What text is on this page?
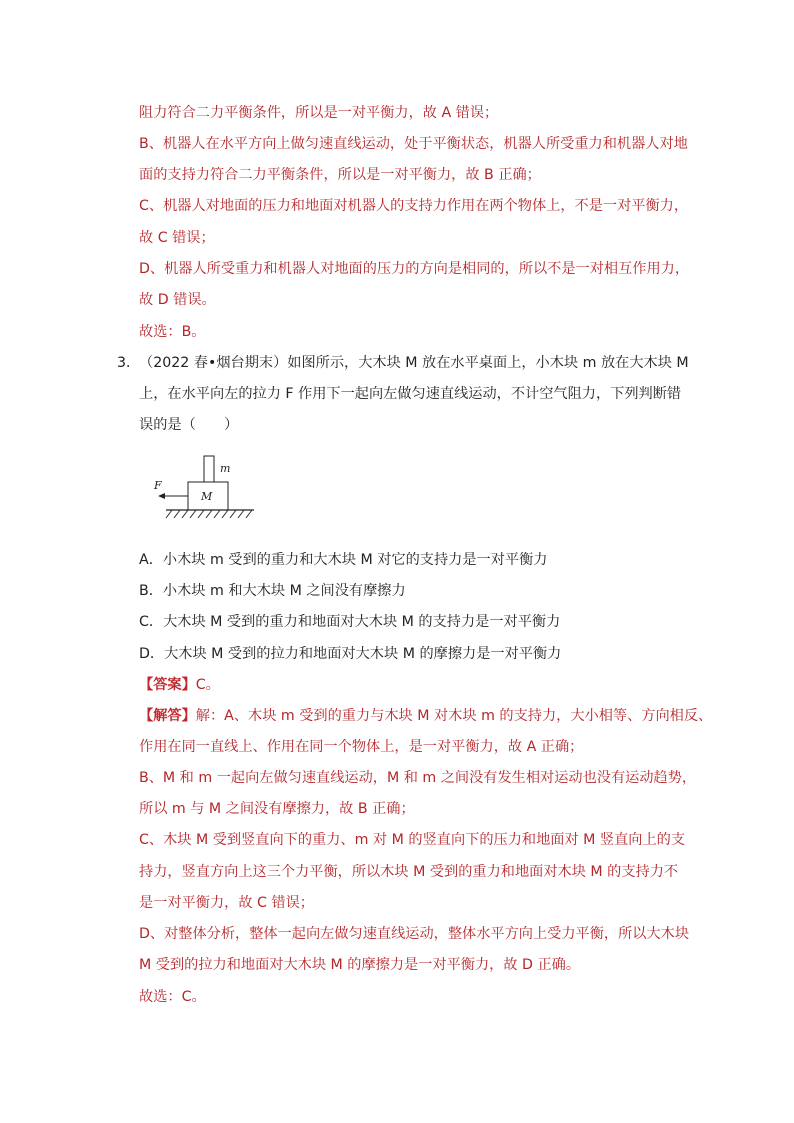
阻力符合二力平衡条件，所以是一对平衡力，故 A 错误；

B、机器人在水平方向上做匀速直线运动，处于平衡状态，机器人所受重力和机器人对地

面的支持力符合二力平衡条件，所以是一对平衡力，故 B 正确；

C、机器人对地面的压力和地面对机器人的支持力作用在两个物体上，不是一对平衡力，

故 C 错误；

D、机器人所受重力和机器人对地面的压力的方向是相同的，所以不是一对相互作用力，

故 D 错误。

故选：B。

3．

（2022 春•烟台期末）如图所示，大木块 M 放在水平桌面上，小木块 m 放在大木块 M

上，在水平向左的拉力 F 作用下一起向左做匀速直线运动，不计空气阻力，下列判断错

误的是（　　）

m
M
F

A．小木块 m 受到的重力和大木块 M 对它的支持力是一对平衡力

B．小木块 m 和大木块 M 之间没有摩擦力

C．大木块 M 受到的重力和地面对大木块 M 的支持力是一对平衡力

D．大木块 M 受到的拉力和地面对大木块 M 的摩擦力是一对平衡力

【答案】C。

【解答】解：A、木块 m 受到的重力与木块 M 对木块 m 的支持力，大小相等、方向相反、

作用在同一直线上、作用在同一个物体上，是一对平衡力，故 A 正确；

B、M 和 m 一起向左做匀速直线运动，M 和 m 之间没有发生相对运动也没有运动趋势，

所以 m 与 M 之间没有摩擦力，故 B 正确；

C、木块 M 受到竖直向下的重力、m 对 M 的竖直向下的压力和地面对 M 竖直向上的支

持力，竖直方向上这三个力平衡，所以木块 M 受到的重力和地面对木块 M 的支持力不

是一对平衡力，故 C 错误；

D、对整体分析，整体一起向左做匀速直线运动，整体水平方向上受力平衡，所以大木块

M 受到的拉力和地面对大木块 M 的摩擦力是一对平衡力，故 D 正确。

故选：C。
